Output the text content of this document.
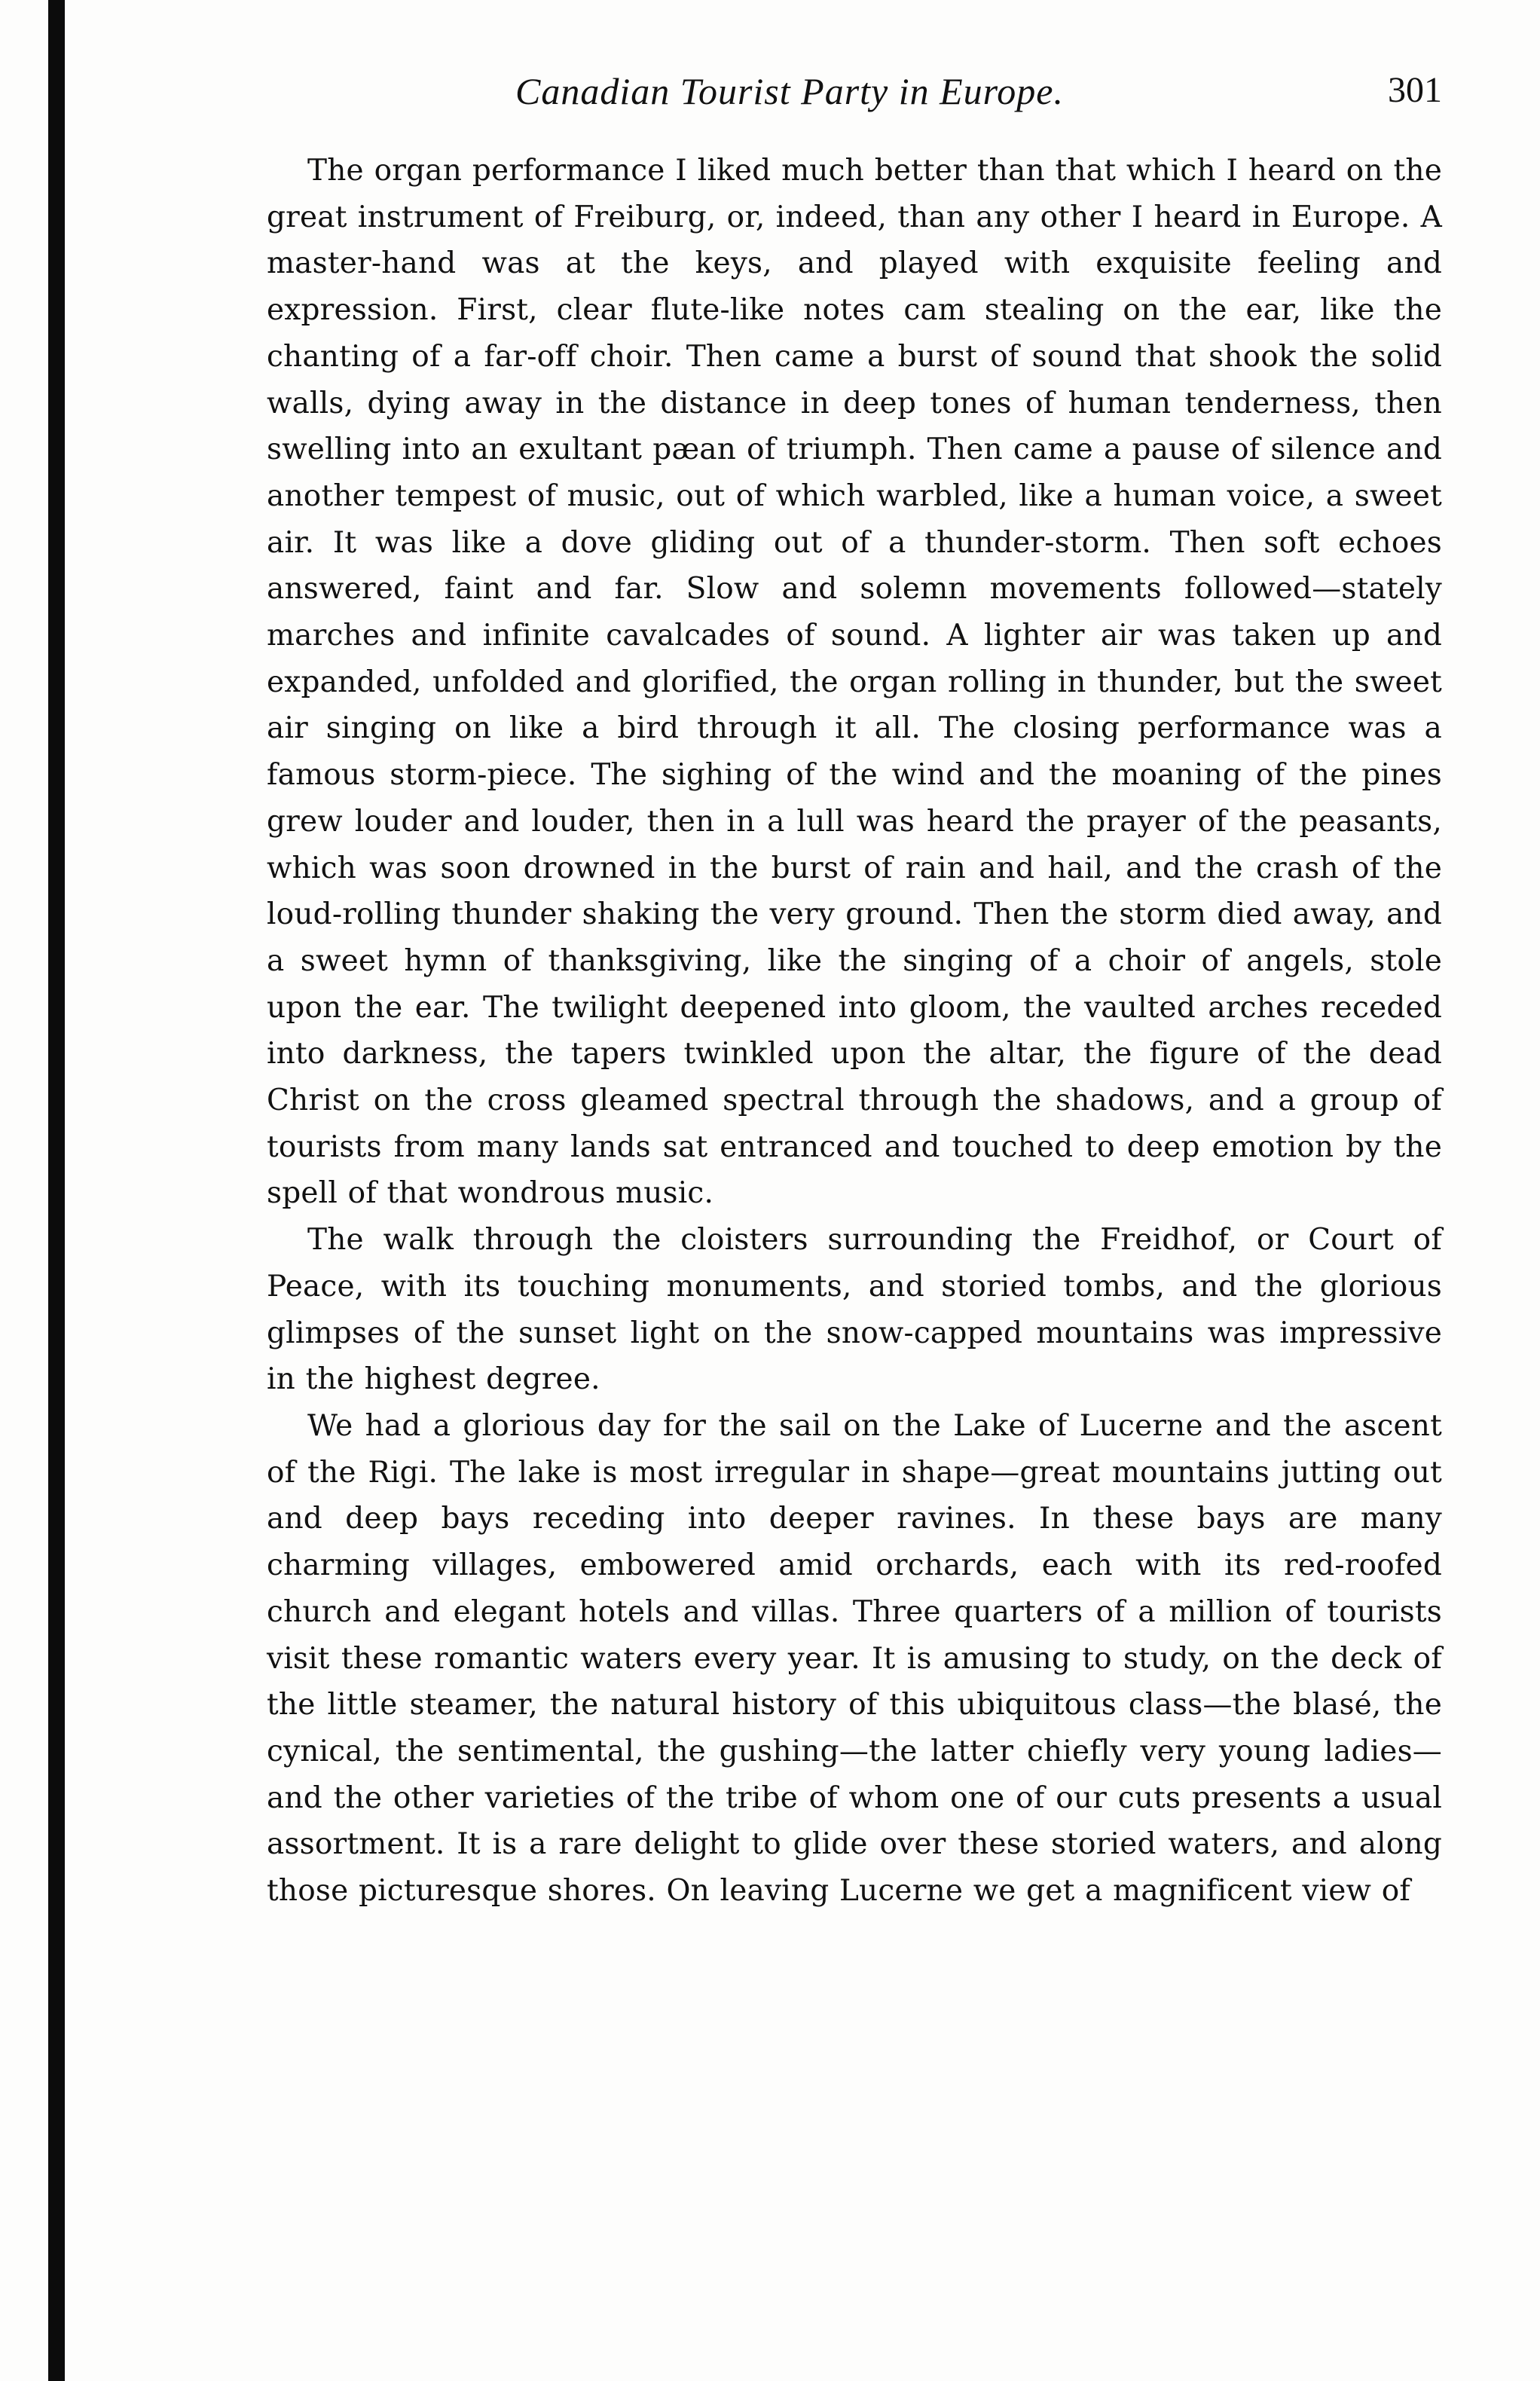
Canadian Tourist Party in Europe.	301

The organ performance I liked much better than that which I heard on the great instrument of Freiburg, or, indeed, than any other I heard in Europe. A master-hand was at the keys, and played with exquisite feeling and expression. First, clear flute-like notes cam stealing on the ear, like the chanting of a far-off choir. Then came a burst of sound that shook the solid walls, dying away in the distance in deep tones of human tenderness, then swelling into an exultant pæan of triumph. Then came a pause of silence and another tempest of music, out of which warbled, like a human voice, a sweet air. It was like a dove gliding out of a thunder-storm. Then soft echoes answered, faint and far. Slow and solemn movements followed—stately marches and infinite cavalcades of sound. A lighter air was taken up and expanded, unfolded and glorified, the organ rolling in thunder, but the sweet air singing on like a bird through it all. The closing performance was a famous storm-piece. The sighing of the wind and the moaning of the pines grew louder and louder, then in a lull was heard the prayer of the peasants, which was soon drowned in the burst of rain and hail, and the crash of the loud-rolling thunder shaking the very ground. Then the storm died away, and a sweet hymn of thanksgiving, like the singing of a choir of angels, stole upon the ear. The twilight deepened into gloom, the vaulted arches receded into darkness, the tapers twinkled upon the altar, the figure of the dead Christ on the cross gleamed spectral through the shadows, and a group of tourists from many lands sat entranced and touched to deep emotion by the spell of that wondrous music.

The walk through the cloisters surrounding the Freidhof, or Court of Peace, with its touching monuments, and storied tombs, and the glorious glimpses of the sunset light on the snow-capped mountains was impressive in the highest degree.

We had a glorious day for the sail on the Lake of Lucerne and the ascent of the Rigi. The lake is most irregular in shape—great mountains jutting out and deep bays receding into deeper ravines. In these bays are many charming villages, embowered amid orchards, each with its red-roofed church and elegant hotels and villas. Three quarters of a million of tourists visit these romantic waters every year. It is amusing to study, on the deck of the little steamer, the natural history of this ubiquitous class—the blasé, the cynical, the sentimental, the gushing—the latter chiefly very young ladies—and the other varieties of the tribe of whom one of our cuts presents a usual assortment. It is a rare delight to glide over these storied waters, and along those picturesque shores. On leaving Lucerne we get a magnificent view of
